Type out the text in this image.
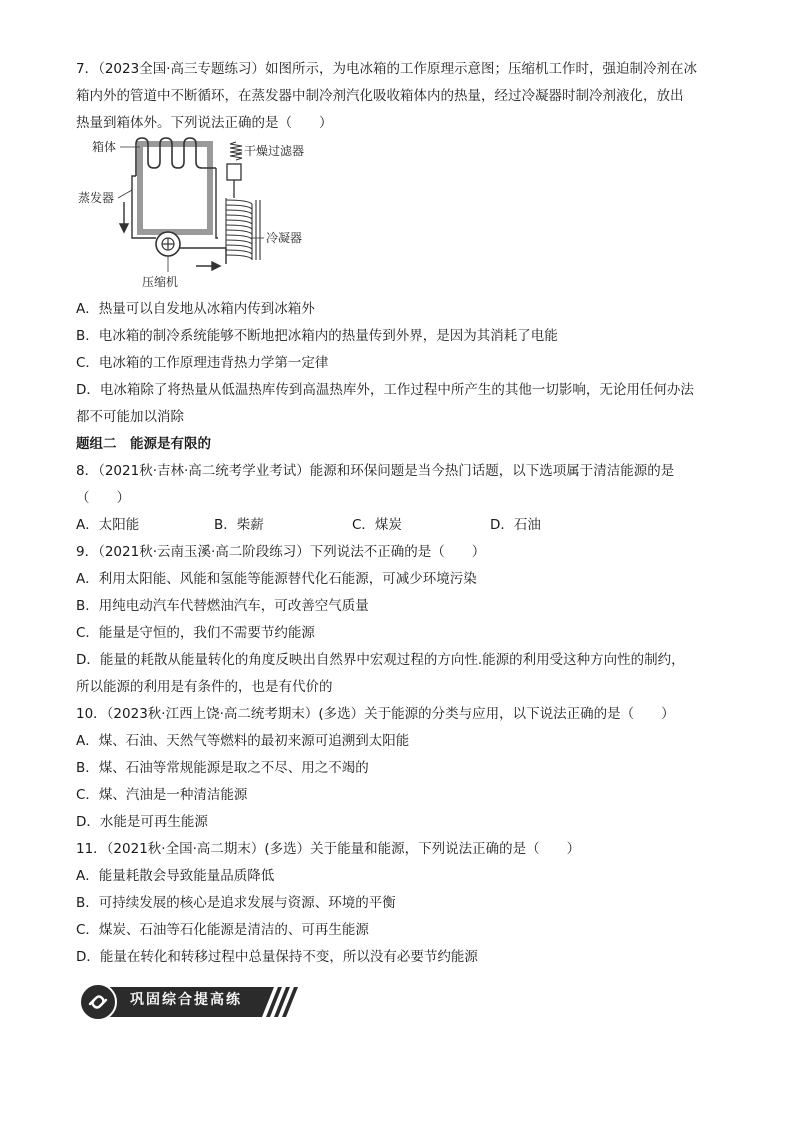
7．（2023全国·高三专题练习）如图所示，为电冰箱的工作原理示意图；压缩机工作时，强迫制冷剂在冰
箱内外的管道中不断循环，在蒸发器中制冷剂汽化吸收箱体内的热量，经过冷凝器时制冷剂液化，放出
热量到箱体外。下列说法正确的是（　　）
箱体	干燥过滤器
蒸发器
冷凝器
压缩机
A．热量可以自发地从冰箱内传到冰箱外
B．电冰箱的制冷系统能够不断地把冰箱内的热量传到外界，是因为其消耗了电能
C．电冰箱的工作原理违背热力学第一定律
D．电冰箱除了将热量从低温热库传到高温热库外，工作过程中所产生的其他一切影响，无论用任何办法
都不可能加以消除
题组二　能源是有限的
8．（2021秋·吉林·高二统考学业考试）能源和环保问题是当今热门话题，以下选项属于清洁能源的是
（　　）
A．太阳能	B．柴薪	C．煤炭	D．石油
9．（2021秋·云南玉溪·高二阶段练习）下列说法不正确的是（　　）
A．利用太阳能、风能和氢能等能源替代化石能源，可减少环境污染
B．用纯电动汽车代替燃油汽车，可改善空气质量
C．能量是守恒的，我们不需要节约能源
D．能量的耗散从能量转化的角度反映出自然界中宏观过程的方向性.能源的利用受这种方向性的制约，
所以能源的利用是有条件的，也是有代价的
10．（2023秋·江西上饶·高二统考期末）(多选）关于能源的分类与应用，以下说法正确的是（　　）
A．煤、石油、天然气等燃料的最初来源可追溯到太阳能
B．煤、石油等常规能源是取之不尽、用之不竭的
C．煤、汽油是一种清洁能源
D．水能是可再生能源
11．（2021秋·全国·高二期末）(多选）关于能量和能源，下列说法正确的是（　　）
A．能量耗散会导致能量品质降低
B．可持续发展的核心是追求发展与资源、环境的平衡
C．煤炭、石油等石化能源是清洁的、可再生能源
D．能量在转化和转移过程中总量保持不变，所以没有必要节约能源
巩固综合提高练
